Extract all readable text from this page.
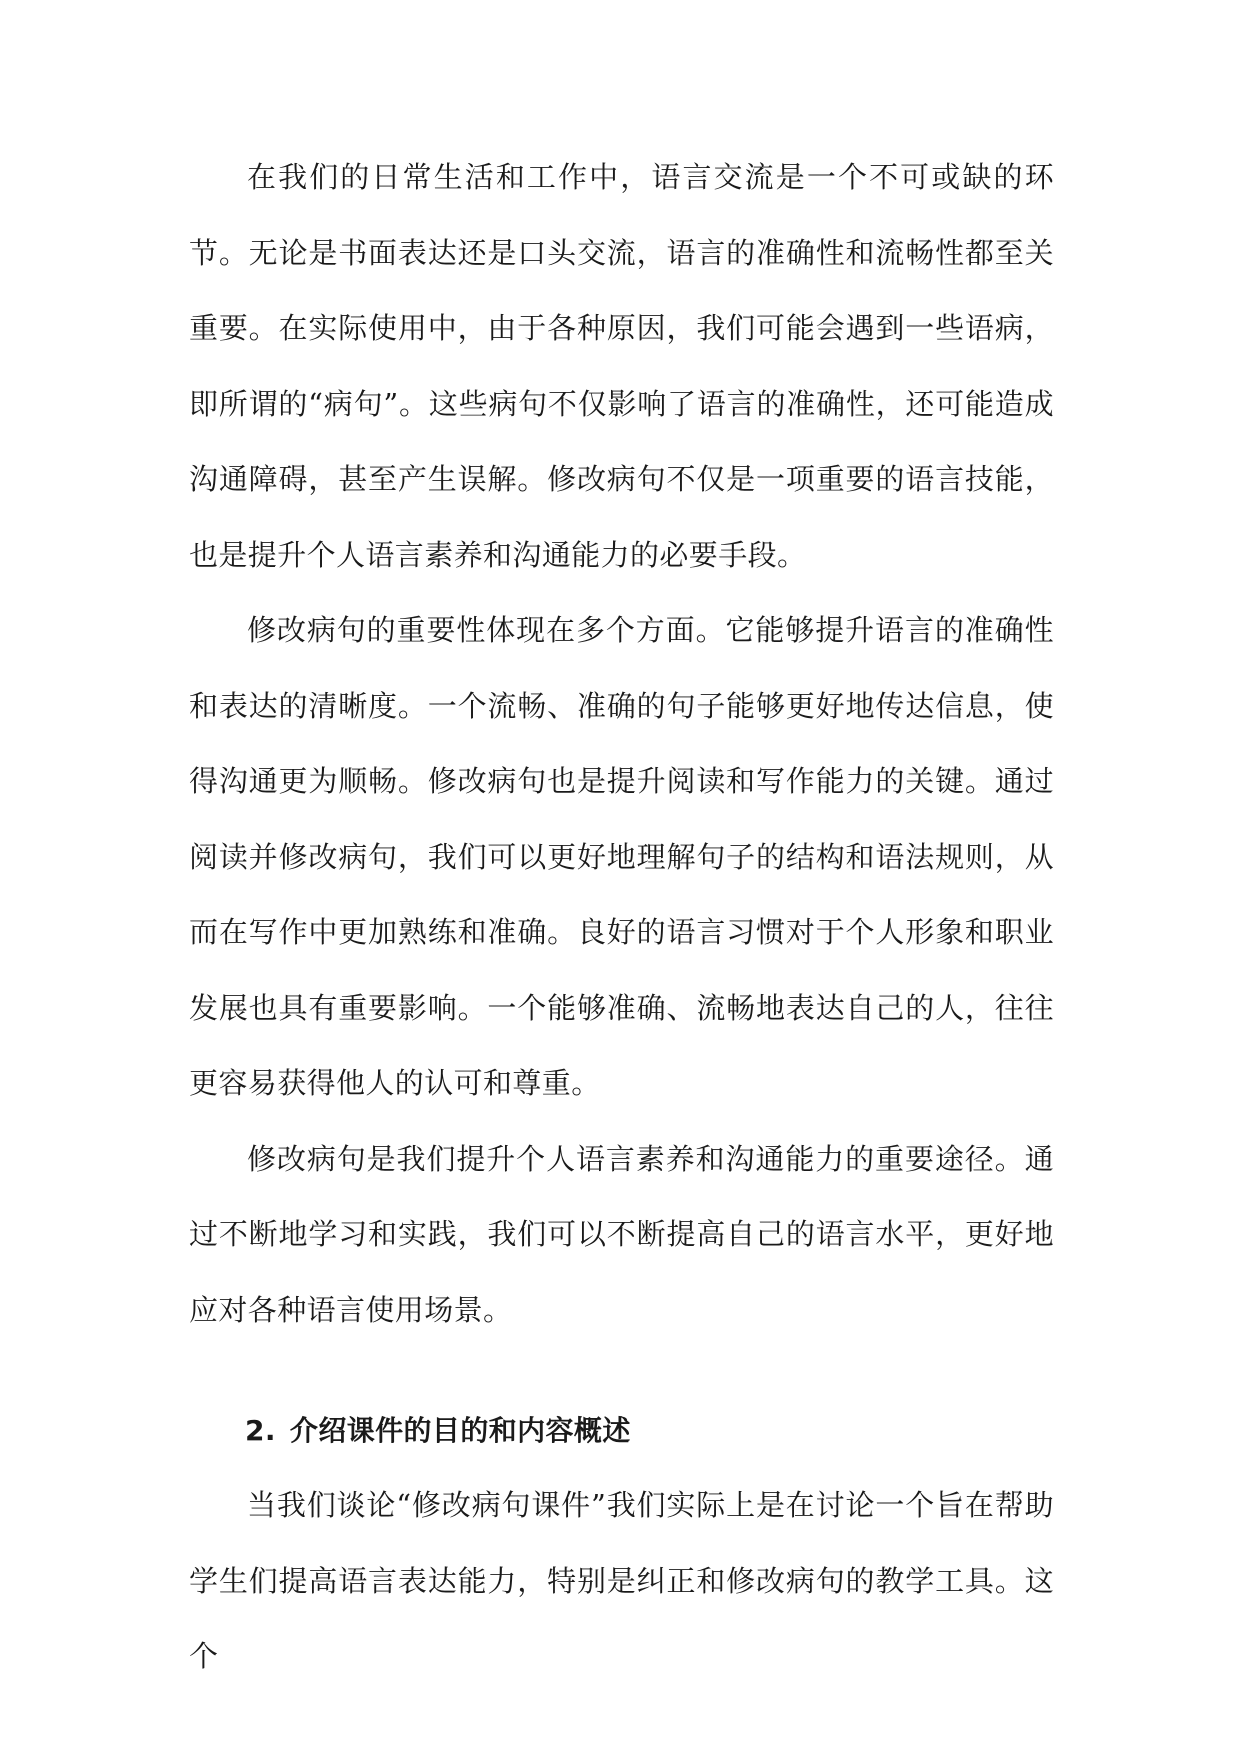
在我们的日常生活和工作中，语言交流是一个不可或缺的环节。无论是书面表达还是口头交流，语言的准确性和流畅性都至关重要。在实际使用中，由于各种原因，我们可能会遇到一些语病，即所谓的“病句”。这些病句不仅影响了语言的准确性，还可能造成沟通障碍，甚至产生误解。修改病句不仅是一项重要的语言技能，也是提升个人语言素养和沟通能力的必要手段。

修改病句的重要性体现在多个方面。它能够提升语言的准确性和表达的清晰度。一个流畅、准确的句子能够更好地传达信息，使得沟通更为顺畅。修改病句也是提升阅读和写作能力的关键。通过阅读并修改病句，我们可以更好地理解句子的结构和语法规则，从而在写作中更加熟练和准确。良好的语言习惯对于个人形象和职业发展也具有重要影响。一个能够准确、流畅地表达自己的人，往往更容易获得他人的认可和尊重。

修改病句是我们提升个人语言素养和沟通能力的重要途径。通过不断地学习和实践，我们可以不断提高自己的语言水平，更好地应对各种语言使用场景。

2. 介绍课件的目的和内容概述

当我们谈论“修改病句课件”我们实际上是在讨论一个旨在帮助学生们提高语言表达能力，特别是纠正和修改病句的教学工具。这个
